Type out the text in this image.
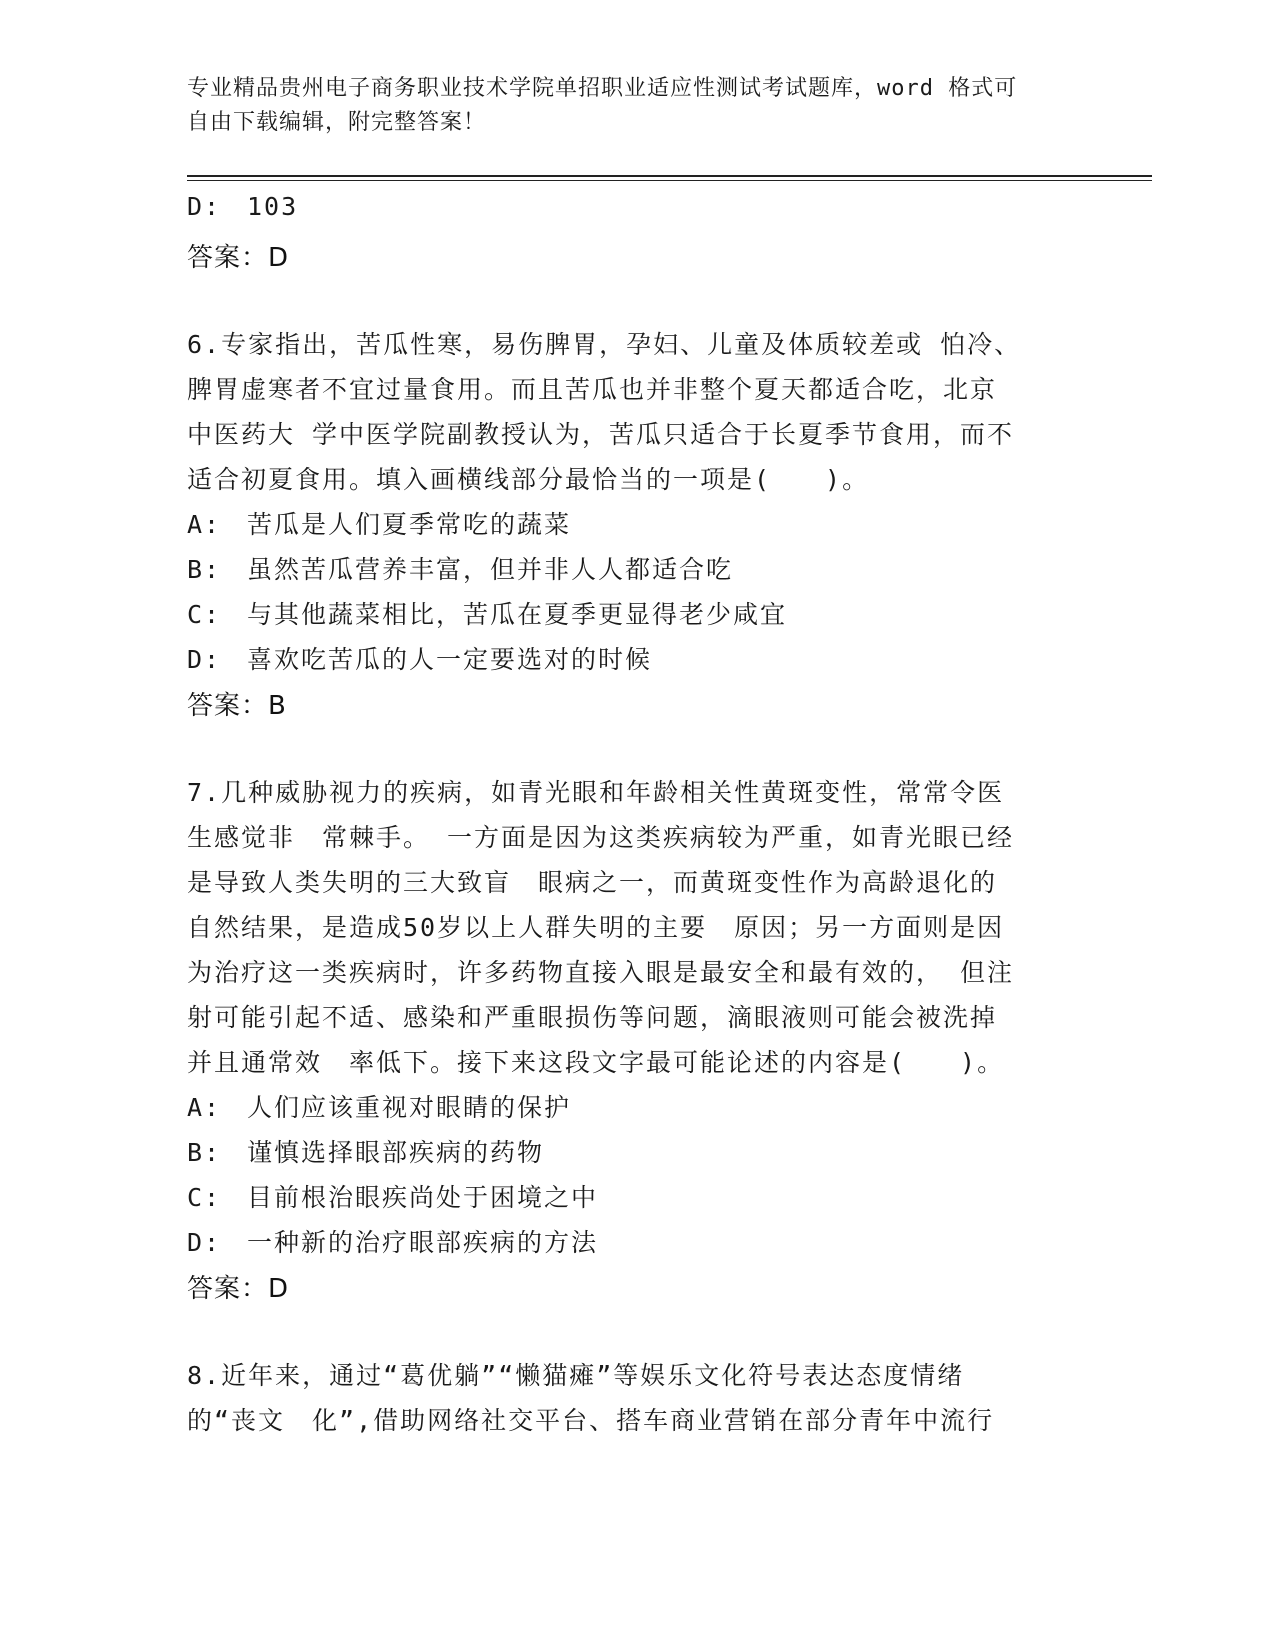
专业精品贵州电子商务职业技术学院单招职业适应性测试考试题库，word 格式可
自由下载编辑，附完整答案！
D: 103
答案：D
6.专家指出，苦瓜性寒，易伤脾胃，孕妇、儿童及体质较差或 怕冷、
脾胃虚寒者不宜过量食用。而且苦瓜也并非整个夏天都适合吃，北京
中医药大 学中医学院副教授认为，苦瓜只适合于长夏季节食用，而不
适合初夏食用。填入画横线部分最恰当的一项是(　　)。
A: 苦瓜是人们夏季常吃的蔬菜
B: 虽然苦瓜营养丰富，但并非人人都适合吃
C: 与其他蔬菜相比，苦瓜在夏季更显得老少咸宜
D: 喜欢吃苦瓜的人一定要选对的时候
答案：B
7.几种威胁视力的疾病，如青光眼和年龄相关性黄斑变性，常常令医
生感觉非　常棘手。 一方面是因为这类疾病较为严重，如青光眼已经
是导致人类失明的三大致盲　眼病之一，而黄斑变性作为高龄退化的
自然结果，是造成50岁以上人群失明的主要　原因；另一方面则是因
为治疗这一类疾病时，许多药物直接入眼是最安全和最有效的， 但注
射可能引起不适、感染和严重眼损伤等问题，滴眼液则可能会被洗掉
并且通常效　率低下。接下来这段文字最可能论述的内容是(　　)。
A: 人们应该重视对眼睛的保护
B: 谨慎选择眼部疾病的药物
C: 目前根治眼疾尚处于困境之中
D: 一种新的治疗眼部疾病的方法
答案：D
8.近年来，通过“葛优躺”“懒猫瘫”等娱乐文化符号表达态度情绪
的“丧文　化”,借助网络社交平台、搭车商业营销在部分青年中流行
